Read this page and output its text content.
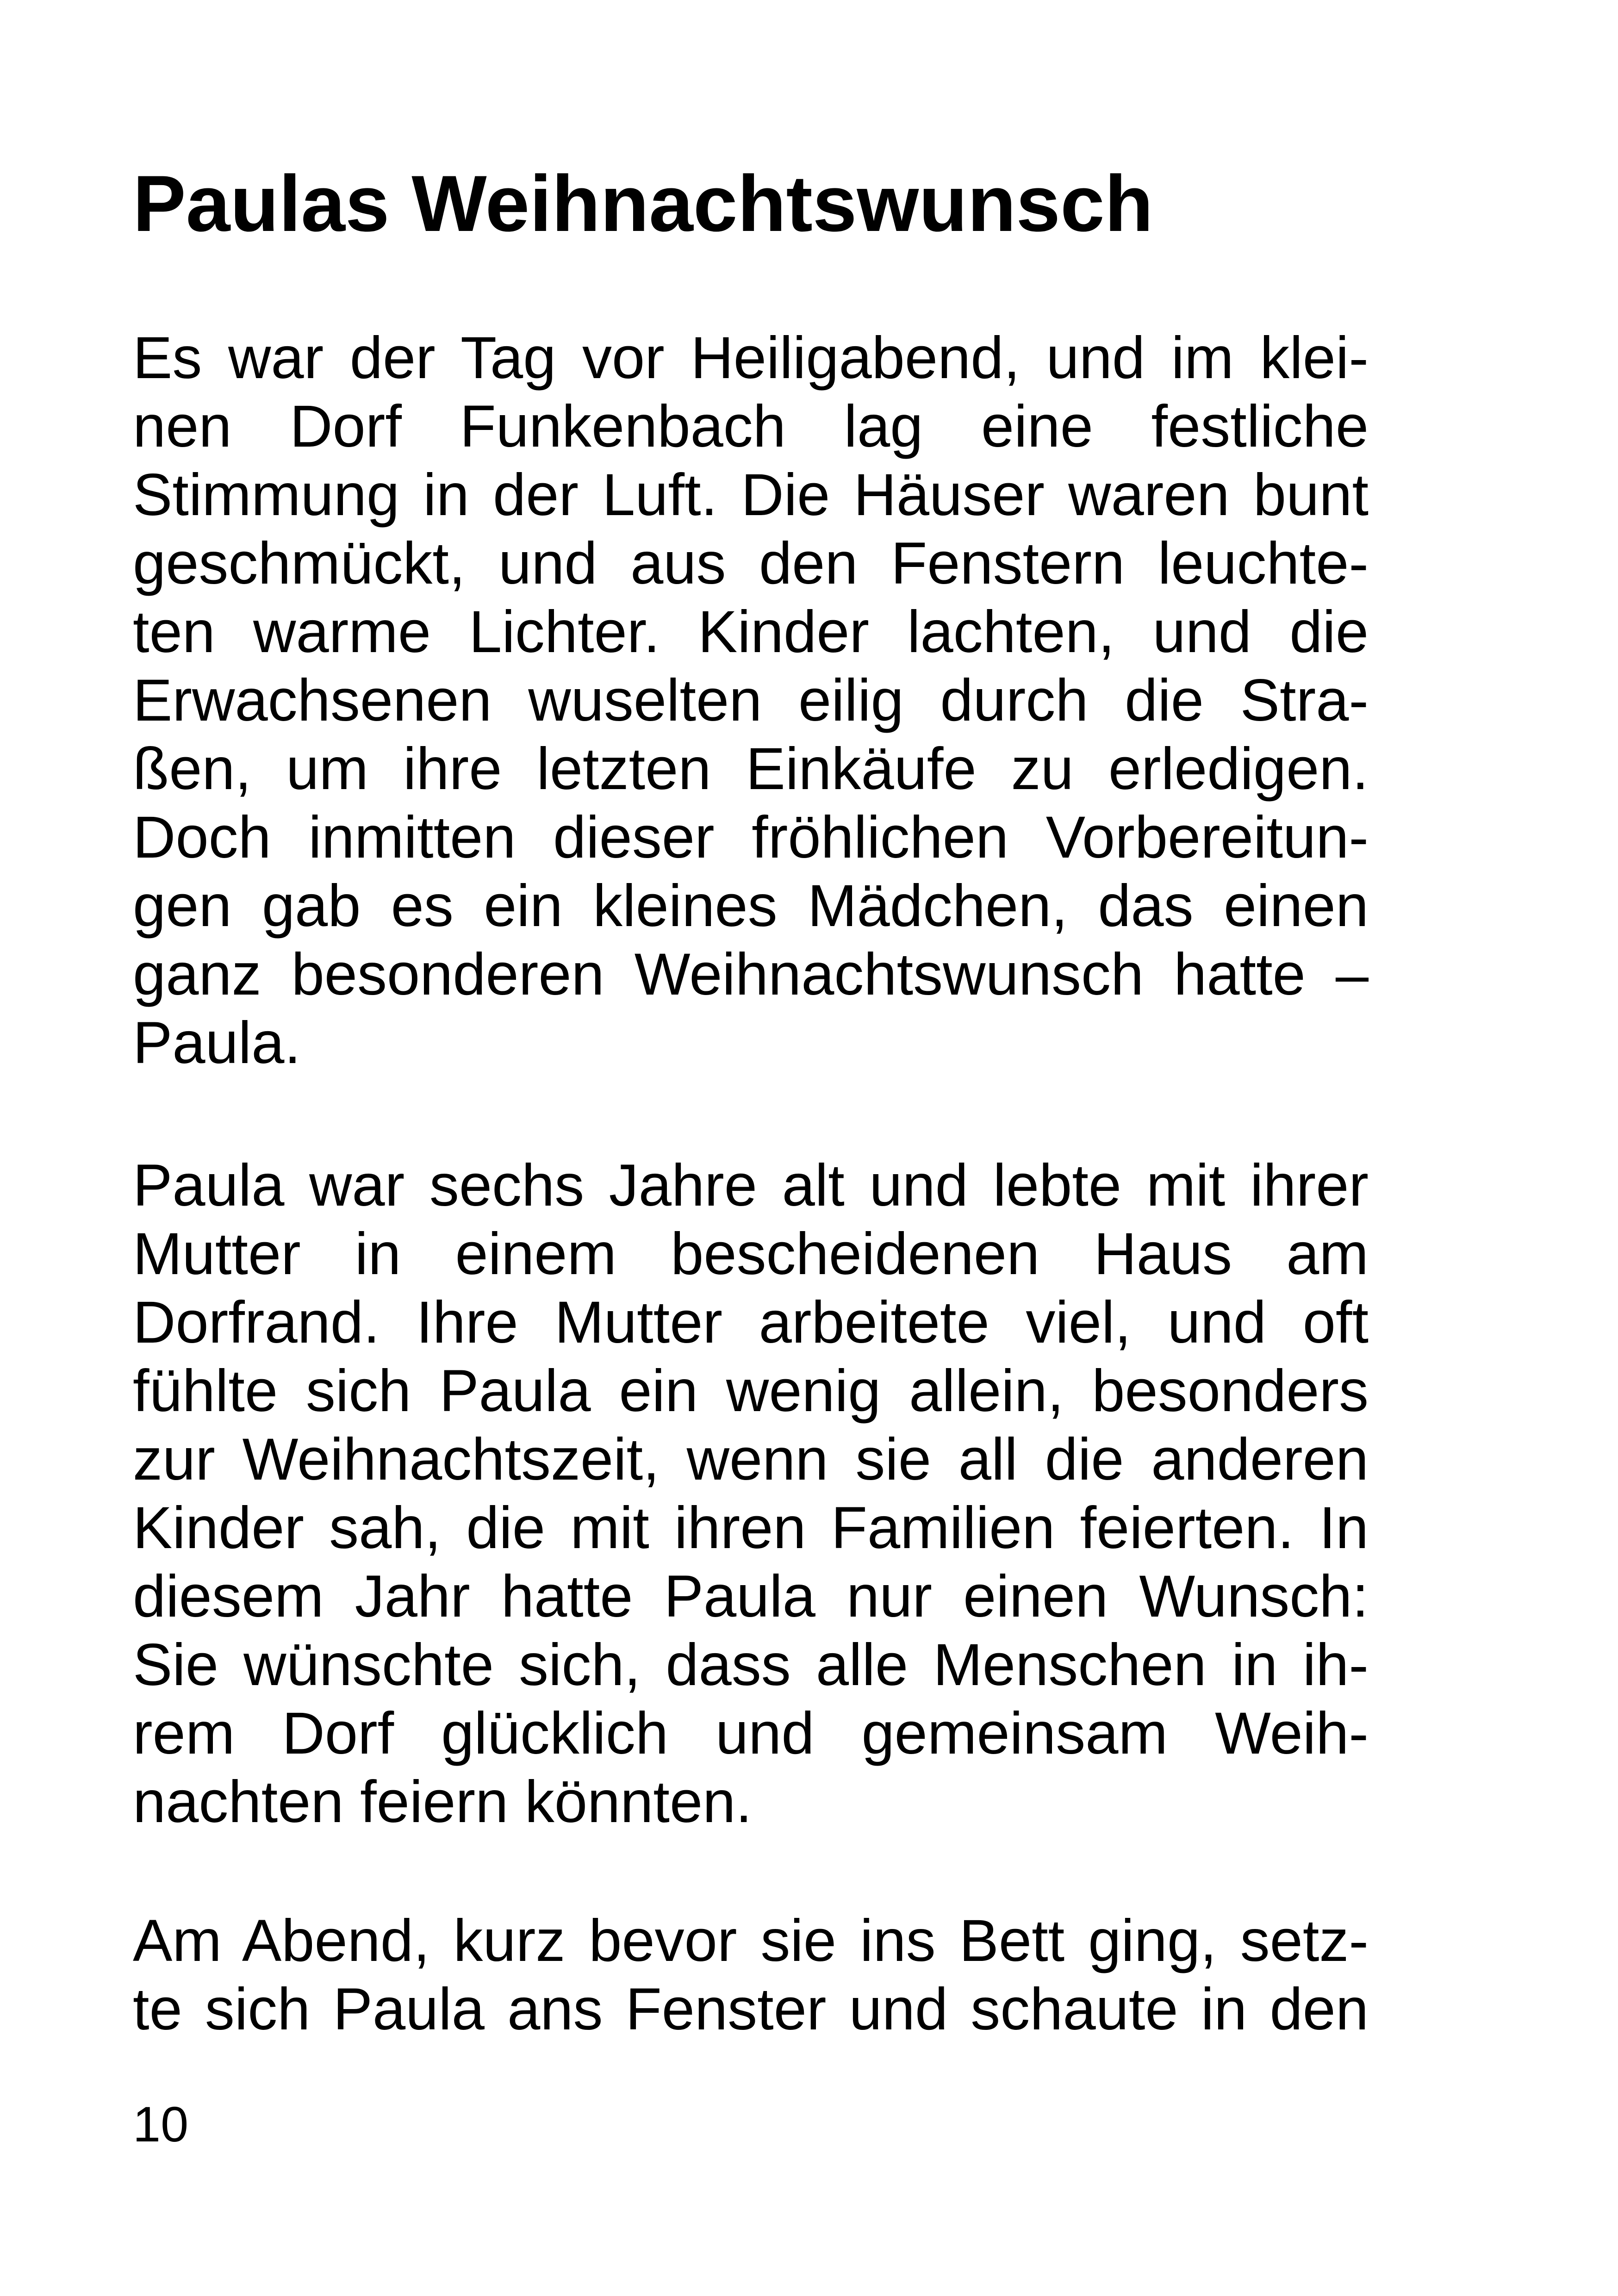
Paulas Weihnachtswunsch
Es war der Tag vor Heiligabend, und im klei-
nen Dorf Funkenbach lag eine festliche
Stimmung in der Luft. Die Häuser waren bunt
geschmückt, und aus den Fenstern leuchte-
ten warme Lichter. Kinder lachten, und die
Erwachsenen wuselten eilig durch die Stra-
ßen, um ihre letzten Einkäufe zu erledigen.
Doch inmitten dieser fröhlichen Vorbereitun-
gen gab es ein kleines Mädchen, das einen
ganz besonderen Weihnachtswunsch hatte –
Paula.
Paula war sechs Jahre alt und lebte mit ihrer
Mutter in einem bescheidenen Haus am
Dorfrand. Ihre Mutter arbeitete viel, und oft
fühlte sich Paula ein wenig allein, besonders
zur Weihnachtszeit, wenn sie all die anderen
Kinder sah, die mit ihren Familien feierten. In
diesem Jahr hatte Paula nur einen Wunsch:
Sie wünschte sich, dass alle Menschen in ih-
rem Dorf glücklich und gemeinsam Weih-
nachten feiern könnten.
Am Abend, kurz bevor sie ins Bett ging, setz-
te sich Paula ans Fenster und schaute in den
10
